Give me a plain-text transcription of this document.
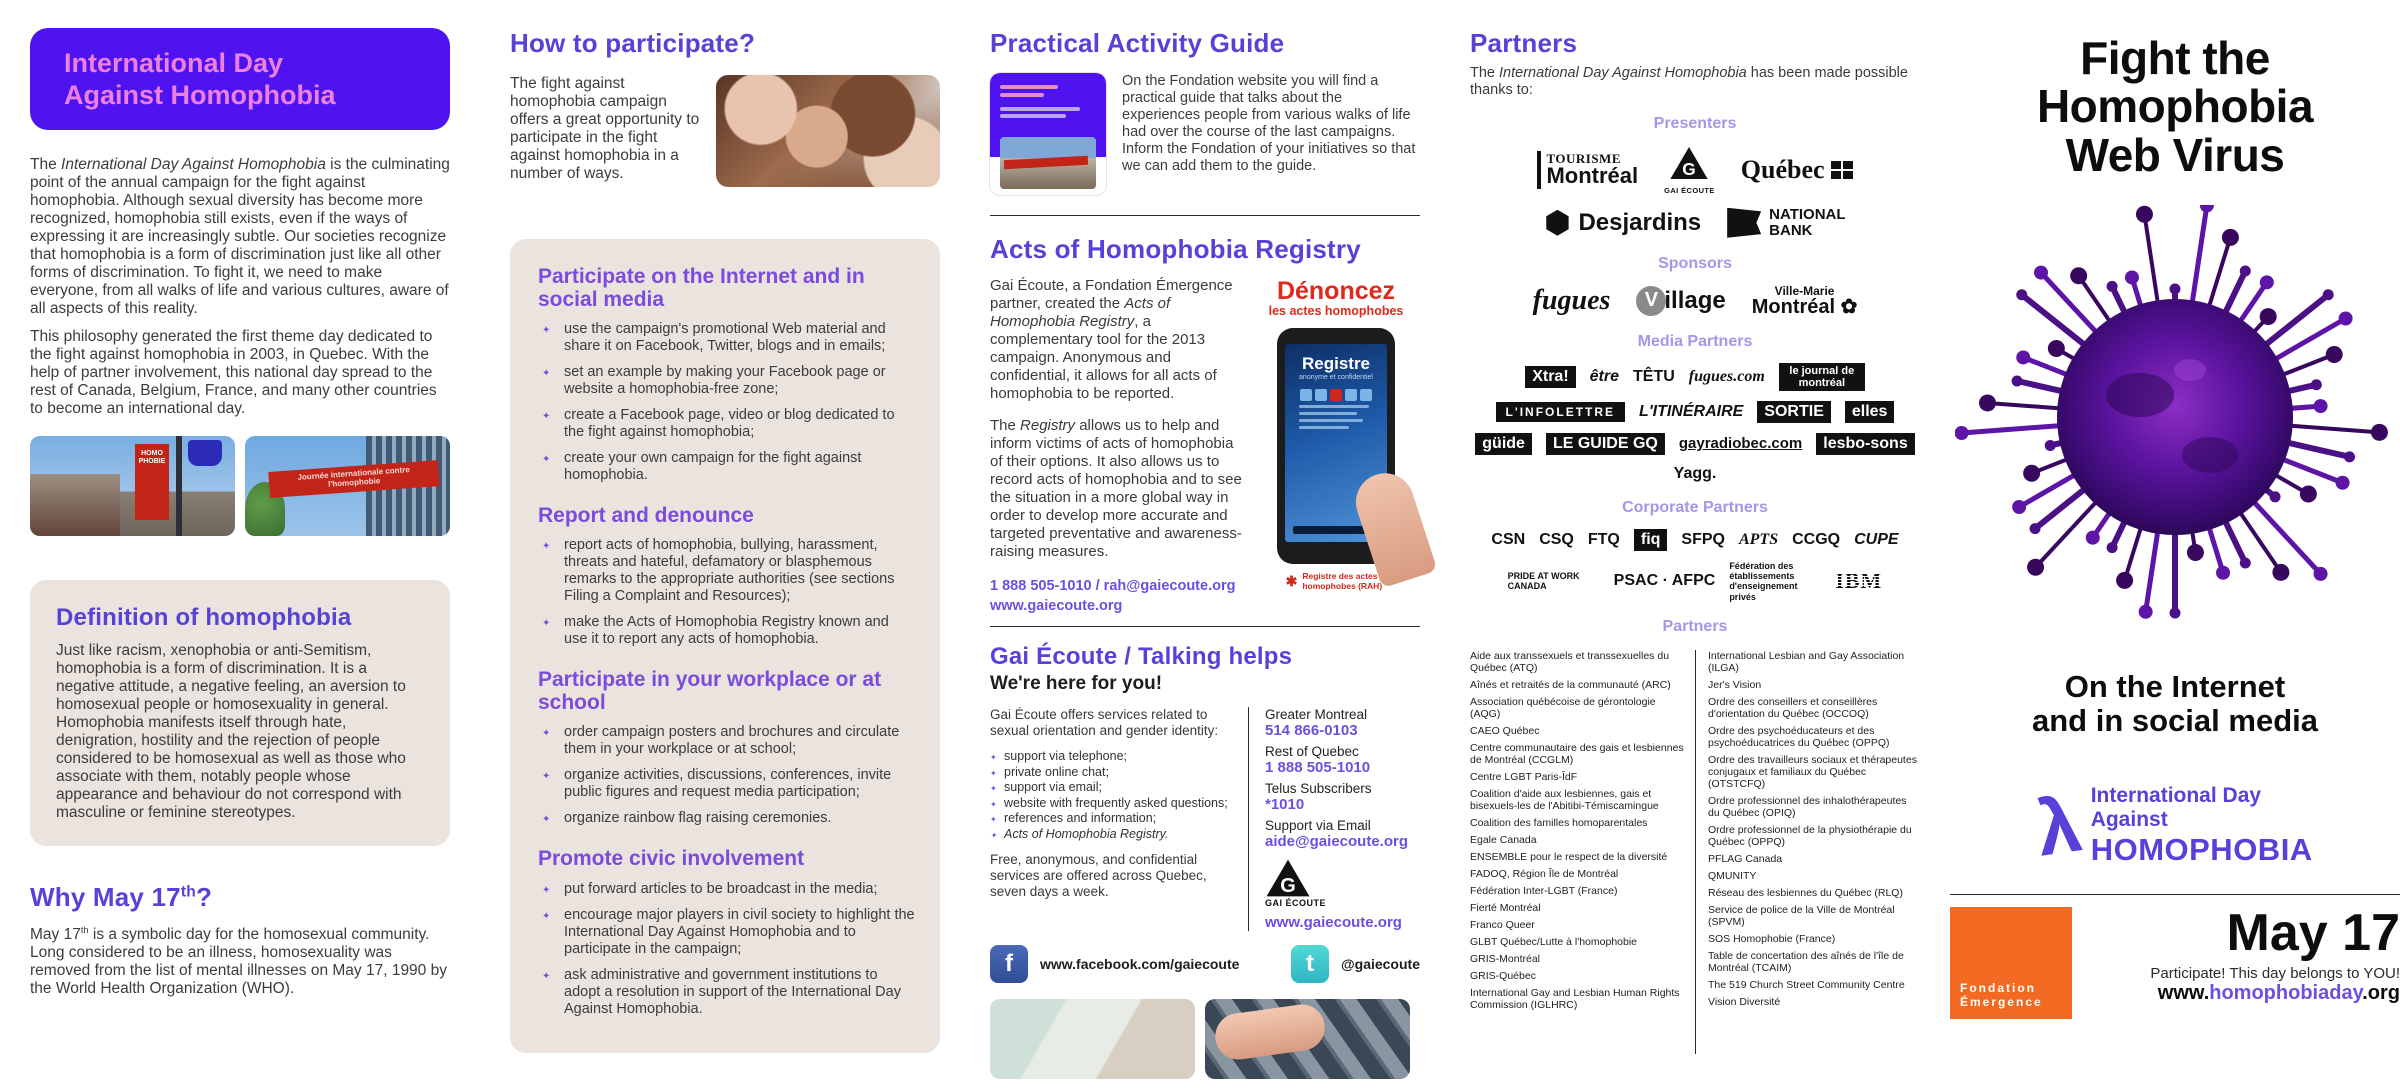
International Day
Against Homophobia

The International Day Against Homophobia is the culminating point of the annual campaign for the fight against homophobia. Although sexual diversity has become more recognized, homophobia still exists, even if the ways of expressing it are increasingly subtle. Our societies recognize that homophobia is a form of discrimination just like all other forms of discrimination. To fight it, we need to make everyone, from all walks of life and various cultures, aware of all aspects of this reality.

This philosophy generated the first theme day dedicated to the fight against homophobia in 2003, in Quebec. With the help of partner involvement, this national day spread to the rest of Canada, Belgium, France, and many other countries to become an international day.

HOMO PHOBIE
Journée internationale contre l'homophobie
Definition of homophobia

Just like racism, xenophobia or anti-Semitism, homophobia is a form of discrimination. It is a negative attitude, a negative feeling, an aversion to homosexual people or homosexuality in general. Homophobia manifests itself through hate, denigration, hostility and the rejection of people considered to be homosexual as well as those who associate with them, notably people whose appearance and behaviour do not correspond with masculine or feminine stereotypes.

Why May 17th?

May 17th is a symbolic day for the homosexual community. Long considered to be an illness, homosexuality was removed from the list of mental illnesses on May 17, 1990 by the World Health Organization (WHO).

How to participate?

The fight against homophobia campaign offers a great opportunity to participate in the fight against homophobia in a number of ways.

Participate on the Internet and in social media
✦ use the campaign's promotional Web material and share it on Facebook, Twitter, blogs and in emails;
✦ set an example by making your Facebook page or website a homophobia-free zone;
✦ create a Facebook page, video or blog dedicated to the fight against homophobia;
✦ create your own campaign for the fight against homophobia.
Report and denounce
✦ report acts of homophobia, bullying, harassment, threats and hateful, defamatory or blasphemous remarks to the appropriate authorities (see sections Filing a Complaint and Resources);
✦ make the Acts of Homophobia Registry known and use it to report any acts of homophobia.
Participate in your workplace or at school
✦ order campaign posters and brochures and circulate them in your workplace or at school;
✦ organize activities, discussions, conferences, invite public figures and request media participation;
✦ organize rainbow flag raising ceremonies.
Promote civic involvement
✦ put forward articles to be broadcast in the media;
✦ encourage major players in civil society to highlight the International Day Against Homophobia and to participate in the campaign;
✦ ask administrative and government institutions to adopt a resolution in support of the International Day Against Homophobia.
Practical Activity Guide

On the Fondation website you will find a practical guide that talks about the experiences people from various walks of life had over the course of the last campaigns. Inform the Fondation of your initiatives so that we can add them to the guide.

Acts of Homophobia Registry

Gai Écoute, a Fondation Émergence partner, created the Acts of Homophobia Registry, a complementary tool for the 2013 campaign. Anonymous and confidential, it allows for all acts of homophobia to be reported.

The Registry allows us to help and inform victims of acts of homophobia of their options. It also allows us to record acts of homophobia and to see the situation in a more global way in order to develop more accurate and targeted preventative and awareness-raising measures.

1 888 505-1010 / rah@gaiecoute.org
www.gaiecoute.org
Dénoncez
les actes homophobes
Registre
anonyme et confidentiel
✱ Registre des actes homophobes (RAH)
Gai Écoute / Talking helps
We're here for you!

Gai Écoute offers services related to sexual orientation and gender identity:

✦ support via telephone;
✦ private online chat;
✦ support via email;
✦ website with frequently asked questions;
✦ references and information;
✦ Acts of Homophobia Registry.

Free, anonymous, and confidential services are offered across Quebec, seven days a week.

Greater Montreal
514 866-0103
Rest of Quebec
1 888 505-1010
Telus Subscribers
*1010
Support via Email
aide@gaiecoute.org
G
GAI ÉCOUTE
www.gaiecoute.org
f	www.facebook.com/gaiecoute	t	@gaiecoute
Partners

The International Day Against Homophobia has been made possible thanks to:

Presenters
TOURISME
Montréal G
GAI ÉCOUTE
Québec
Desjardins	NATIONAL
BANK
Sponsors
fugues	V illage	Ville-Marie
Montréal ✿
Media Partners
Xtra!	être TÊTU fugues.com	le journal de montréal
L'INFOLETTRE	L'ITINÉRAIRE	SORTIE	elles
güide	LE GUIDE GQ	gayradiobec.com	lesbo-sons
Yagg.
Corporate Partners
CSN CSQ FTQ	fiq	SFPQ APTS CCGQ CUPE
PRIDE AT WORK CANADA	PSAC · AFPC
Fédération des établissements d'enseignement privés
IBM
Partners
Aide aux transsexuels et transsexuelles du Québec (ATQ)
Aînés et retraités de la communauté (ARC)
Association québécoise de gérontologie (AQG)
CAEO Québec
Centre communautaire des gais et lesbiennes de Montréal (CCGLM)
Centre LGBT Paris-ÎdF
Coalition d'aide aux lesbiennes, gais et bisexuels-les de l'Abitibi-Témiscamingue
Coalition des familles homoparentales
Egale Canada
ENSEMBLE pour le respect de la diversité
FADOQ, Région Île de Montréal
Fédération Inter-LGBT (France)
Fierté Montréal
Franco Queer
GLBT Québec/Lutte à l'homophobie
GRIS-Montréal
GRIS-Québec
International Gay and Lesbian Human Rights Commission (IGLHRC)
International Lesbian and Gay Association (ILGA)
Jer's Vision
Ordre des conseillers et conseillères d'orientation du Québec (OCCOQ)
Ordre des psychoéducateurs et des psychoéducatrices du Québec (OPPQ)
Ordre des travailleurs sociaux et thérapeutes conjugaux et familiaux du Québec (OTSTCFQ)
Ordre professionnel des inhalothérapeutes du Québec (OPIQ)
Ordre professionnel de la physiothérapie du Québec (OPPQ)
PFLAG Canada
QMUNITY
Réseau des lesbiennes du Québec (RLQ)
Service de police de la Ville de Montréal (SPVM)
SOS Homophobie (France)
Table de concertation des aînés de l'île de Montréal (TCAIM)
The 519 Church Street Community Centre
Vision Diversité
Fight the
Homophobia
Web Virus
On the Internet
and in social media
λ International Day
Against
HOMOPHOBIA
Fondation
Émergence
May 17
Participate! This day belongs to YOU!
www.homophobiaday.org
